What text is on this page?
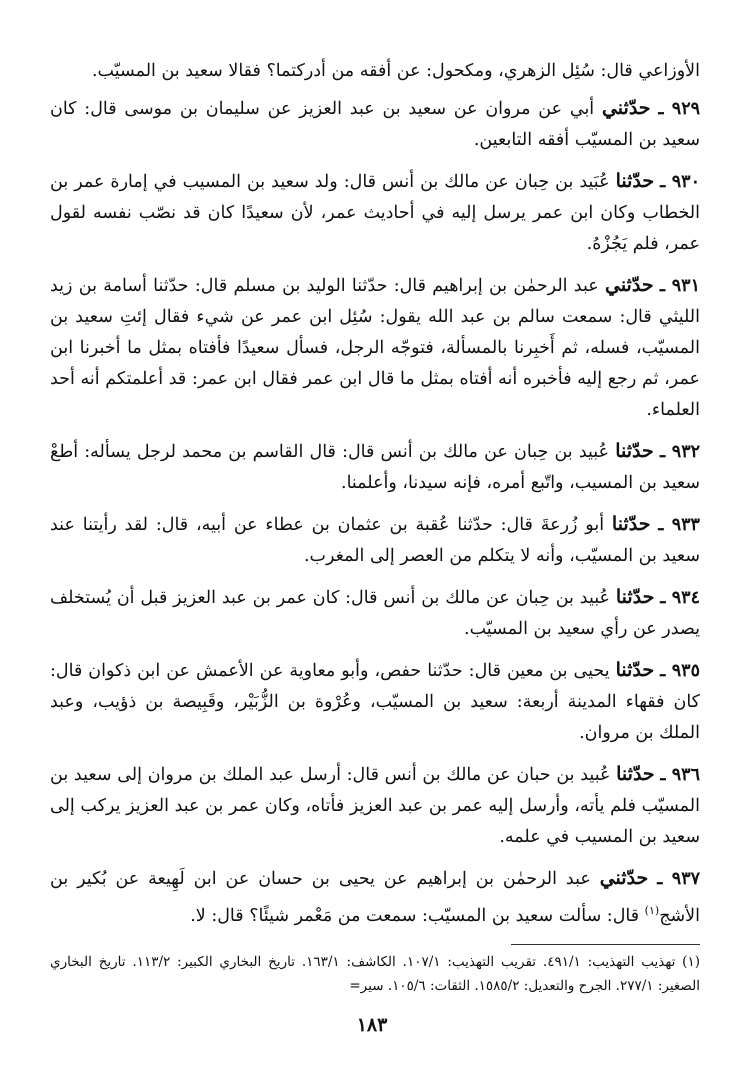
الأوزاعي قال: سُئِل الزهري، ومكحول: عن أفقه من أدركتما؟ فقالا سعيد بن المسيّب.

٩٢٩ ـ حدّثني أبي عن مروان عن سعيد بن عبد العزيز عن سليمان بن موسى قال: كان سعيد بن المسيّب أفقه التابعين.

٩٣٠ ـ حدّثنا عُبَيد بن حِبان عن مالك بن أنس قال: ولد سعيد بن المسيب في إمارة عمر بن الخطاب وكان ابن عمر يرسل إليه في أحاديث عمر، لأن سعيدًا كان قد نصّب نفسه لقول عمر، فلم يَجُزْهُ.

٩٣١ ـ حدّثني عبد الرحمٰن بن إبراهيم قال: حدّثنا الوليد بن مسلم قال: حدّثنا أسامة بن زيد الليثي قال: سمعت سالم بن عبد الله يقول: سُئِل ابن عمر عن شيء فقال إئتِ سعيد بن المسيّب، فسله، ثم أَخبِرنا بالمسألة، فتوجّه الرجل، فسأل سعيدًا فأفتاه بمثل ما أخبرنا ابن عمر، ثم رجع إليه فأخبره أنه أفتاه بمثل ما قال ابن عمر فقال ابن عمر: قد أعلمتكم أنه أحد العلماء.

٩٣٢ ـ حدّثنا عُبيد بن حِبان عن مالك بن أنس قال: قال القاسم بن محمد لرجل يسأله: أطعْ سعيد بن المسيب، واتّبع أمره، فإنه سيدنا، وأعلمنا.

٩٣٣ ـ حدّثنا أبو زُرعةَ قال: حدّثنا عُقبة بن عثمان بن عطاء عن أبيه، قال: لقد رأيتنا عند سعيد بن المسيّب، وأنه لا يتكلم من العصر إلى المغرب.

٩٣٤ ـ حدّثنا عُبيد بن حِبان عن مالك بن أنس قال: كان عمر بن عبد العزيز قبل أن يُستخلف يصدر عن رأي سعيد بن المسيّب.

٩٣٥ ـ حدّثنا يحيى بن معين قال: حدّثنا حفص، وأبو معاوية عن الأعمش عن ابن ذكوان قال: كان فقهاء المدينة أربعة: سعيد بن المسيّب، وعُرْوة بن الزُّبَيْر، وقَبِيصة بن ذؤيب، وعبد الملك بن مروان.

٩٣٦ ـ حدّثنا عُبيد بن حبان عن مالك بن أنس قال: أرسل عبد الملك بن مروان إلى سعيد بن المسيّب فلم يأته، وأرسل إليه عمر بن عبد العزيز فأتاه، وكان عمر بن عبد العزيز يركب إلى سعيد بن المسيب في علمه.

٩٣٧ ـ حدّثني عبد الرحمٰن بن إبراهيم عن يحيى بن حسان عن ابن لَهِيعة عن بُكير بن الأشج$^{(١)}$ قال: سألت سعيد بن المسيّب: سمعت من مَعْمر شيئًا؟ قال: لا.

(١) تهذيب التهذيب: ٤٩١/١. تقريب التهذيب: ١٠٧/١. الكاشف: ١٦٣/١. تاريخ البخاري الكبير: ١١٣/٢. تاريخ البخاري الصغير: ٢٧٧/١. الجرح والتعديل: ١٥٨٥/٢. الثقات: ١٠٥/٦. سير=
١٨٣
